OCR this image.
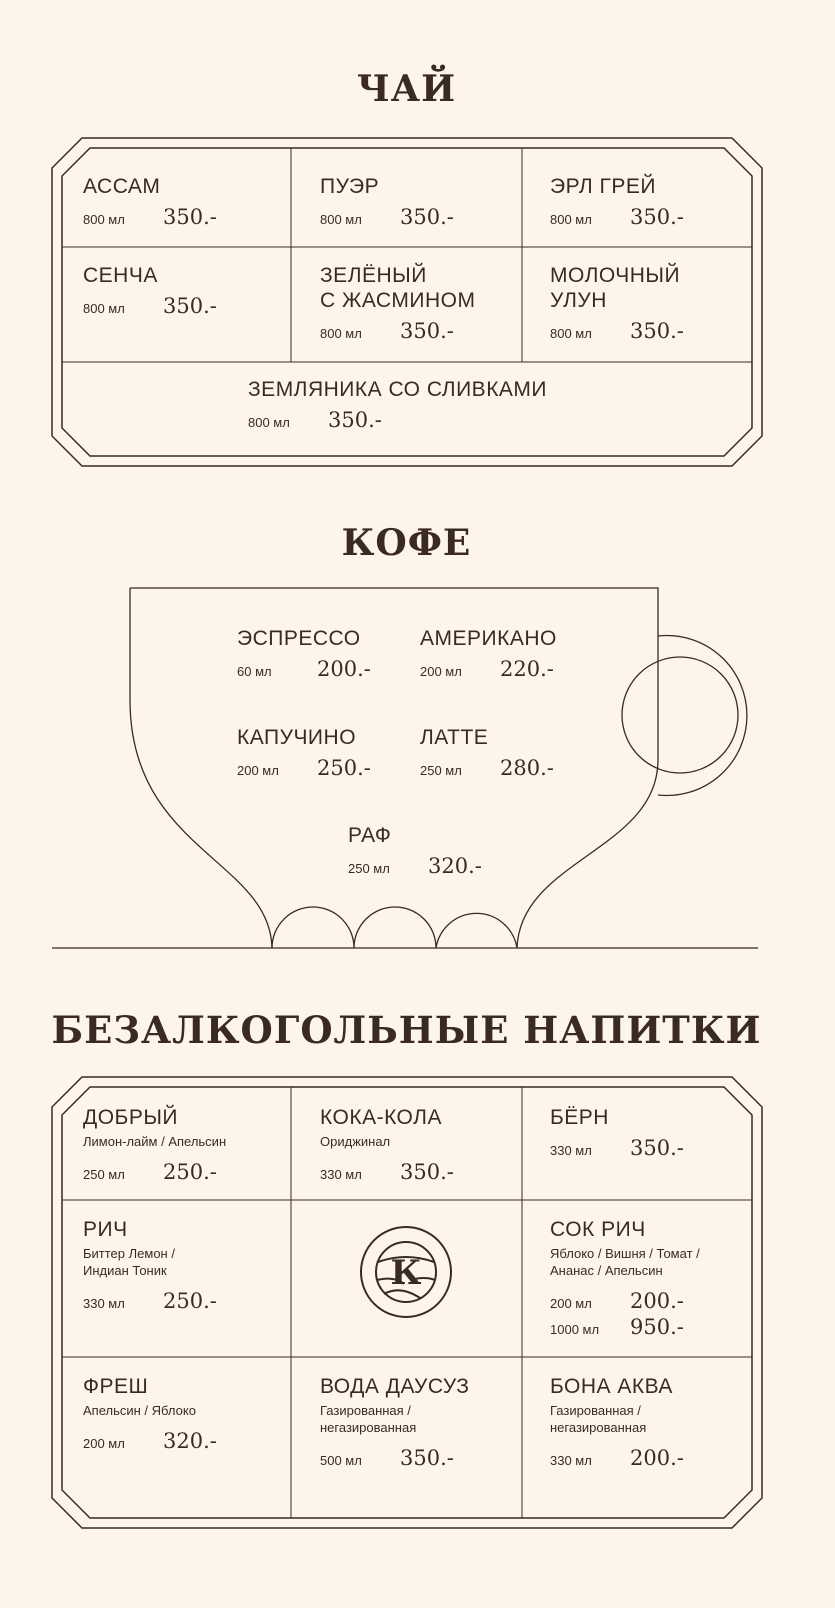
К
ЧАЙ
КОФЕ
БЕЗАЛКОГОЛЬНЫЕ НАПИТКИ
АССАМ
800 мл	350.-
ПУЭР
800 мл	350.-
ЭРЛ ГРЕЙ
800 мл	350.-
СЕНЧА
800 мл	350.-
ЗЕЛЁНЫЙ
С ЖАСМИНОМ
800 мл	350.-
МОЛОЧНЫЙ
УЛУН
800 мл	350.-
ЗЕМЛЯНИКА СО СЛИВКАМИ
800 мл	350.-
ЭСПРЕССО
60 мл	200.-
АМЕРИКАНО
200 мл	220.-
КАПУЧИНО
200 мл	250.-
ЛАТТЕ
250 мл	280.-
РАФ
250 мл	320.-
ДОБРЫЙ
Лимон-лайм / Апельсин
250 мл	250.-
КОКА-КОЛА
Ориджинал
330 мл	350.-
БЁРН
330 мл	350.-
РИЧ
Биттер Лемон /
Индиан Тоник
330 мл	250.-
СОК РИЧ
Яблоко / Вишня / Томат /
Ананас / Апельсин
200 мл	200.-
1000 мл	950.-
ФРЕШ
Апельсин / Яблоко
200 мл	320.-
ВОДА ДАУСУЗ
Газированная /
негазированная
500 мл	350.-
БОНА АКВА
Газированная /
негазированная
330 мл	200.-
